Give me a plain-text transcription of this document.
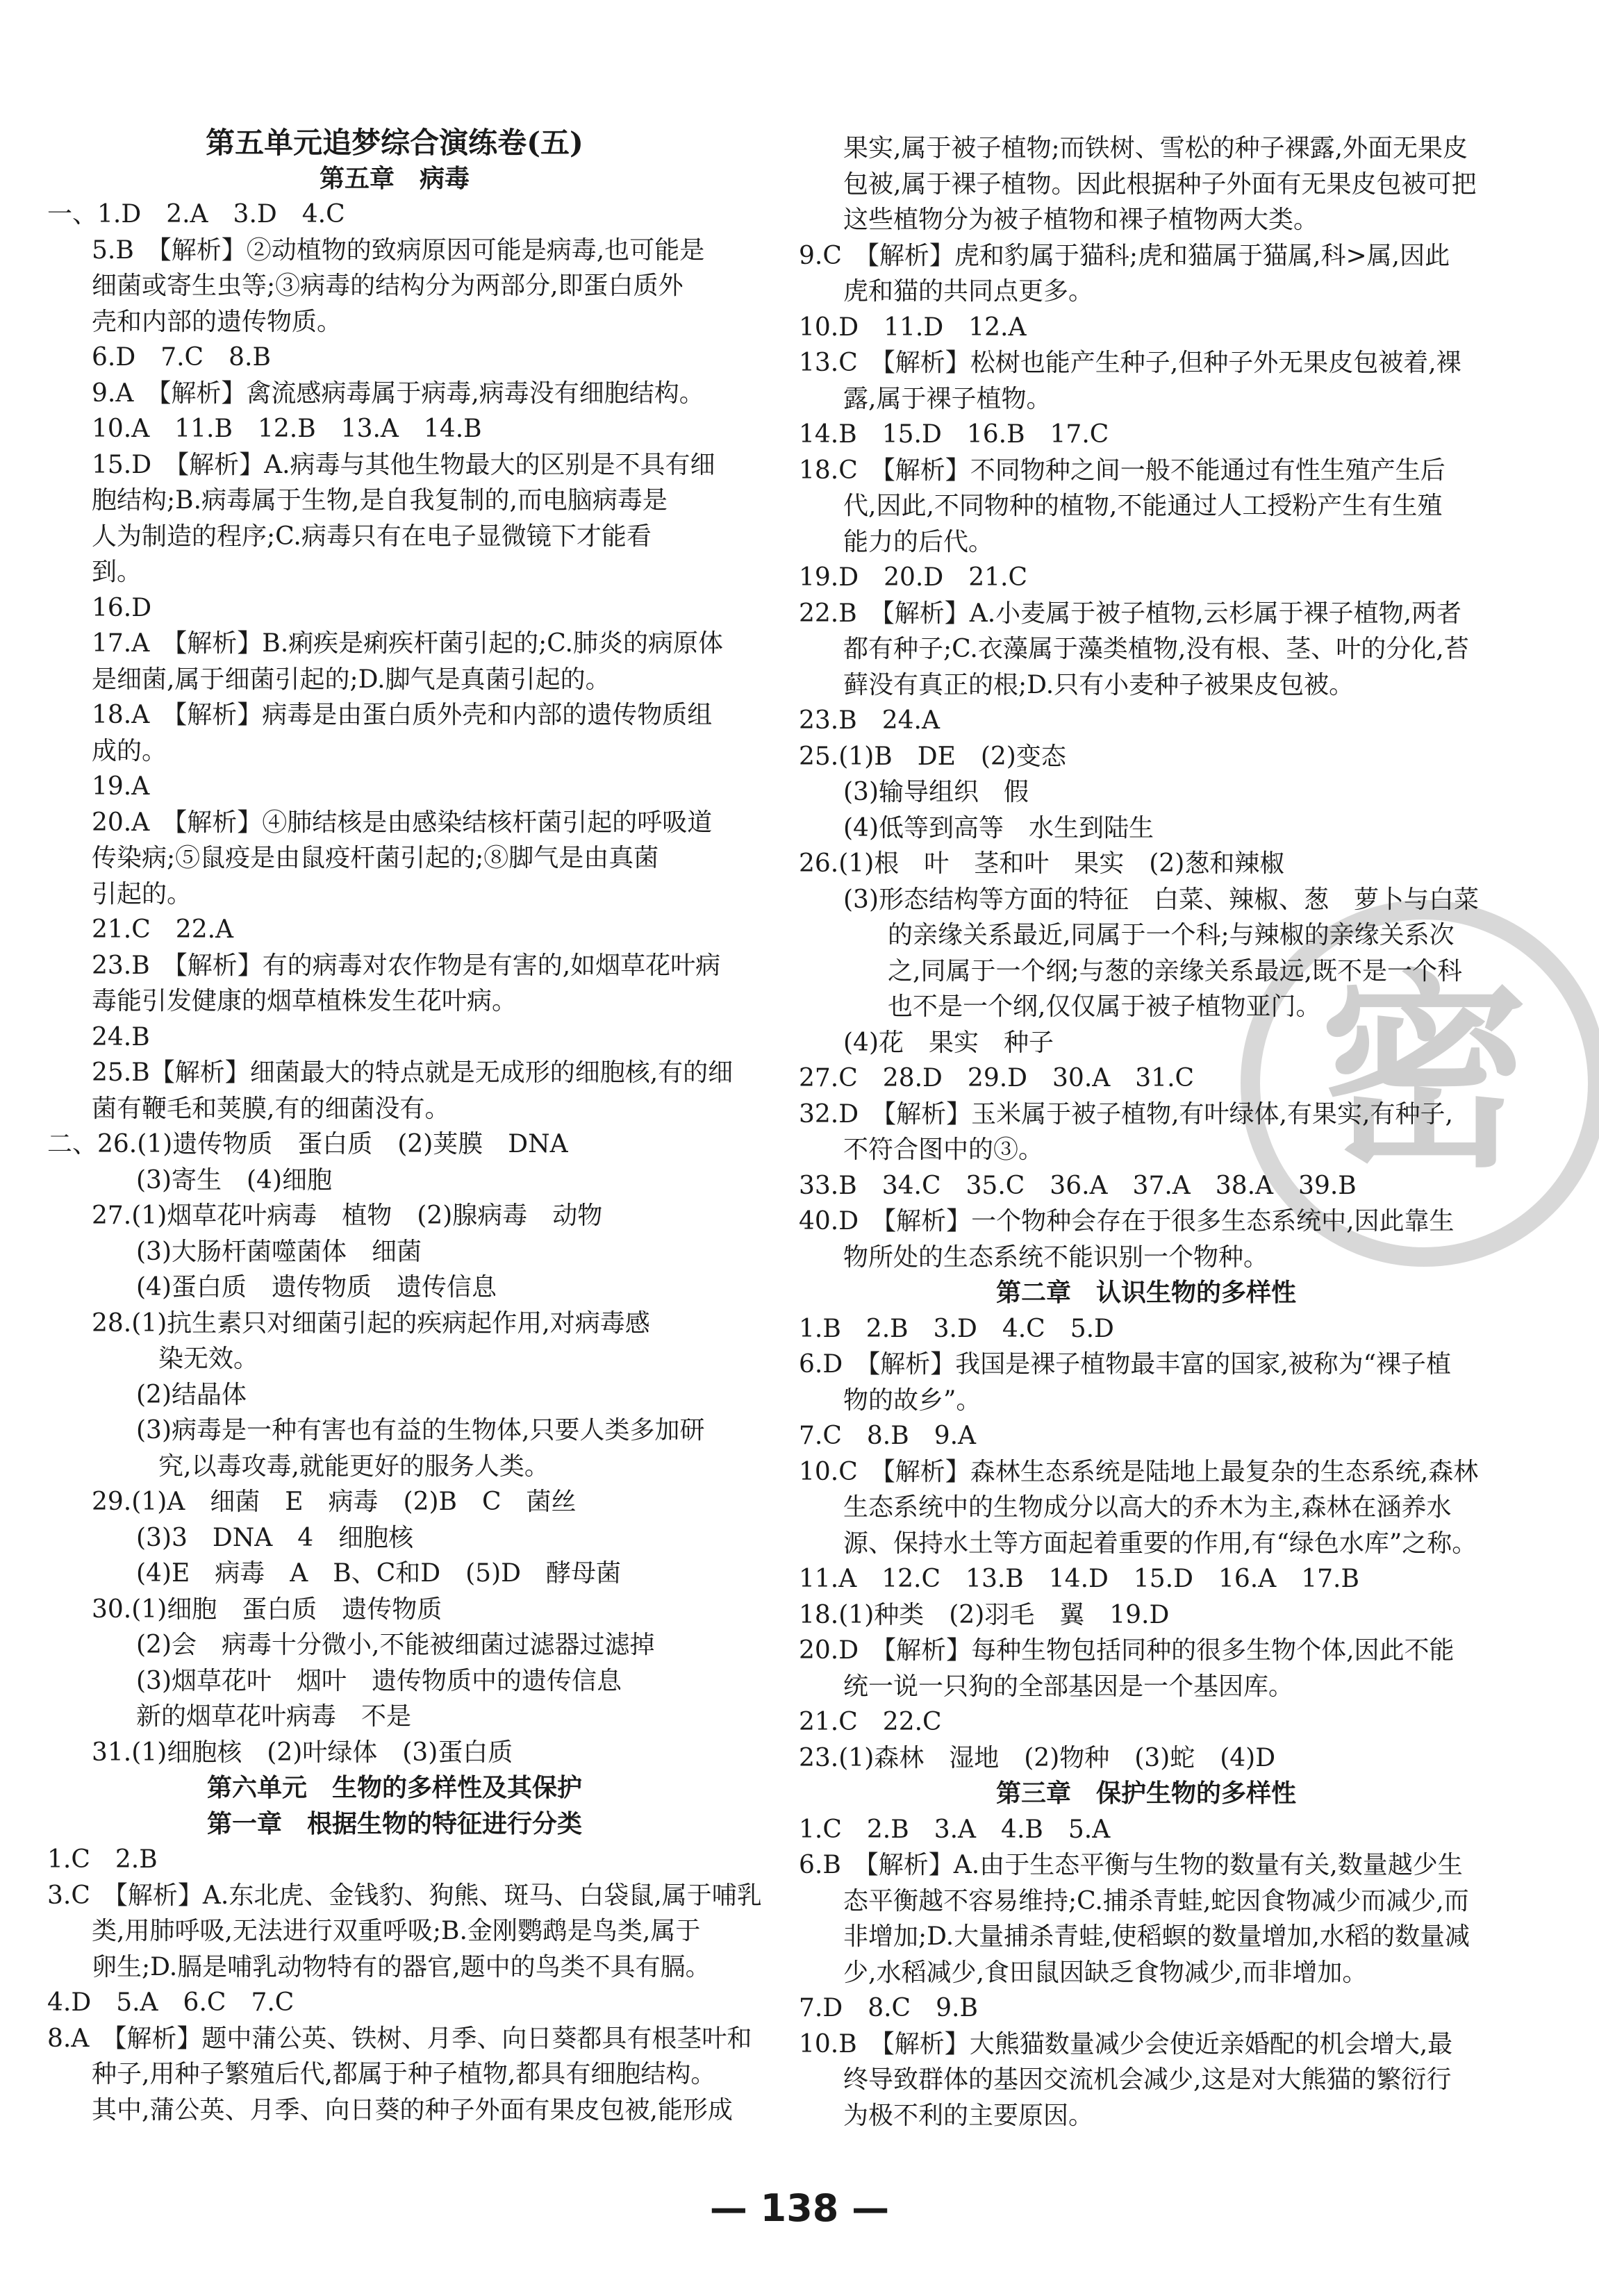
密
第五单元追梦综合演练卷(五)
第五章　病毒
一、1.D　2.A　3.D　4.C
5.B　【解析】②动植物的致病原因可能是病毒,也可能是
细菌或寄生虫等;③病毒的结构分为两部分,即蛋白质外
壳和内部的遗传物质。
6.D　7.C　8.B
9.A　【解析】禽流感病毒属于病毒,病毒没有细胞结构。
10.A　11.B　12.B　13.A　14.B
15.D　【解析】A.病毒与其他生物最大的区别是不具有细
胞结构;B.病毒属于生物,是自我复制的,而电脑病毒是
人为制造的程序;C.病毒只有在电子显微镜下才能看
到。
16.D
17.A　【解析】B.痢疾是痢疾杆菌引起的;C.肺炎的病原体
是细菌,属于细菌引起的;D.脚气是真菌引起的。
18.A　【解析】病毒是由蛋白质外壳和内部的遗传物质组
成的。
19.A
20.A　【解析】④肺结核是由感染结核杆菌引起的呼吸道
传染病;⑤鼠疫是由鼠疫杆菌引起的;⑧脚气是由真菌
引起的。
21.C　22.A
23.B　【解析】有的病毒对农作物是有害的,如烟草花叶病
毒能引发健康的烟草植株发生花叶病。
24.B
25.B【解析】细菌最大的特点就是无成形的细胞核,有的细
菌有鞭毛和荚膜,有的细菌没有。
二、26.(1)遗传物质　蛋白质　(2)荚膜　DNA
(3)寄生　(4)细胞
27.(1)烟草花叶病毒　植物　(2)腺病毒　动物
(3)大肠杆菌噬菌体　细菌
(4)蛋白质　遗传物质　遗传信息
28.(1)抗生素只对细菌引起的疾病起作用,对病毒感
染无效。
(2)结晶体
(3)病毒是一种有害也有益的生物体,只要人类多加研
究,以毒攻毒,就能更好的服务人类。
29.(1)A　细菌　E　病毒　(2)B　C　菌丝
(3)3　DNA　4　细胞核
(4)E　病毒　A　B、C和D　(5)D　酵母菌
30.(1)细胞　蛋白质　遗传物质
(2)会　病毒十分微小,不能被细菌过滤器过滤掉
(3)烟草花叶　烟叶　遗传物质中的遗传信息
新的烟草花叶病毒　不是
31.(1)细胞核　(2)叶绿体　(3)蛋白质
第六单元　生物的多样性及其保护
第一章　根据生物的特征进行分类
1.C　2.B
3.C　【解析】A.东北虎、金钱豹、狗熊、斑马、白袋鼠,属于哺乳
类,用肺呼吸,无法进行双重呼吸;B.金刚鹦鹉是鸟类,属于
卵生;D.膈是哺乳动物特有的器官,题中的鸟类不具有膈。
4.D　5.A　6.C　7.C
8.A　【解析】题中蒲公英、铁树、月季、向日葵都具有根茎叶和
种子,用种子繁殖后代,都属于种子植物,都具有细胞结构。
其中,蒲公英、月季、向日葵的种子外面有果皮包被,能形成
果实,属于被子植物;而铁树、雪松的种子裸露,外面无果皮
包被,属于裸子植物。因此根据种子外面有无果皮包被可把
这些植物分为被子植物和裸子植物两大类。
9.C　【解析】虎和豹属于猫科;虎和猫属于猫属,科>属,因此
虎和猫的共同点更多。
10.D　11.D　12.A
13.C　【解析】松树也能产生种子,但种子外无果皮包被着,裸
露,属于裸子植物。
14.B　15.D　16.B　17.C
18.C　【解析】不同物种之间一般不能通过有性生殖产生后
代,因此,不同物种的植物,不能通过人工授粉产生有生殖
能力的后代。
19.D　20.D　21.C
22.B　【解析】A.小麦属于被子植物,云杉属于裸子植物,两者
都有种子;C.衣藻属于藻类植物,没有根、茎、叶的分化,苔
藓没有真正的根;D.只有小麦种子被果皮包被。
23.B　24.A
25.(1)B　DE　(2)变态
(3)输导组织　假
(4)低等到高等　水生到陆生
26.(1)根　叶　茎和叶　果实　(2)葱和辣椒
(3)形态结构等方面的特征　白菜、辣椒、葱　萝卜与白菜
的亲缘关系最近,同属于一个科;与辣椒的亲缘关系次
之,同属于一个纲;与葱的亲缘关系最远,既不是一个科
也不是一个纲,仅仅属于被子植物亚门。
(4)花　果实　种子
27.C　28.D　29.D　30.A　31.C
32.D　【解析】玉米属于被子植物,有叶绿体,有果实,有种子,
不符合图中的③。
33.B　34.C　35.C　36.A　37.A　38.A　39.B
40.D　【解析】一个物种会存在于很多生态系统中,因此靠生
物所处的生态系统不能识别一个物种。
第二章　认识生物的多样性
1.B　2.B　3.D　4.C　5.D
6.D　【解析】我国是裸子植物最丰富的国家,被称为“裸子植
物的故乡”。
7.C　8.B　9.A
10.C　【解析】森林生态系统是陆地上最复杂的生态系统,森林
生态系统中的生物成分以高大的乔木为主,森林在涵养水
源、保持水土等方面起着重要的作用,有“绿色水库”之称。
11.A　12.C　13.B　14.D　15.D　16.A　17.B
18.(1)种类　(2)羽毛　翼　19.D
20.D　【解析】每种生物包括同种的很多生物个体,因此不能
统一说一只狗的全部基因是一个基因库。
21.C　22.C
23.(1)森林　湿地　(2)物种　(3)蛇　(4)D
第三章　保护生物的多样性
1.C　2.B　3.A　4.B　5.A
6.B　【解析】A.由于生态平衡与生物的数量有关,数量越少生
态平衡越不容易维持;C.捕杀青蛙,蛇因食物减少而减少,而
非增加;D.大量捕杀青蛙,使稻螟的数量增加,水稻的数量减
少,水稻减少,食田鼠因缺乏食物减少,而非增加。
7.D　8.C　9.B
10.B　【解析】大熊猫数量减少会使近亲婚配的机会增大,最
终导致群体的基因交流机会减少,这是对大熊猫的繁衍行
为极不利的主要原因。
— 138 —
